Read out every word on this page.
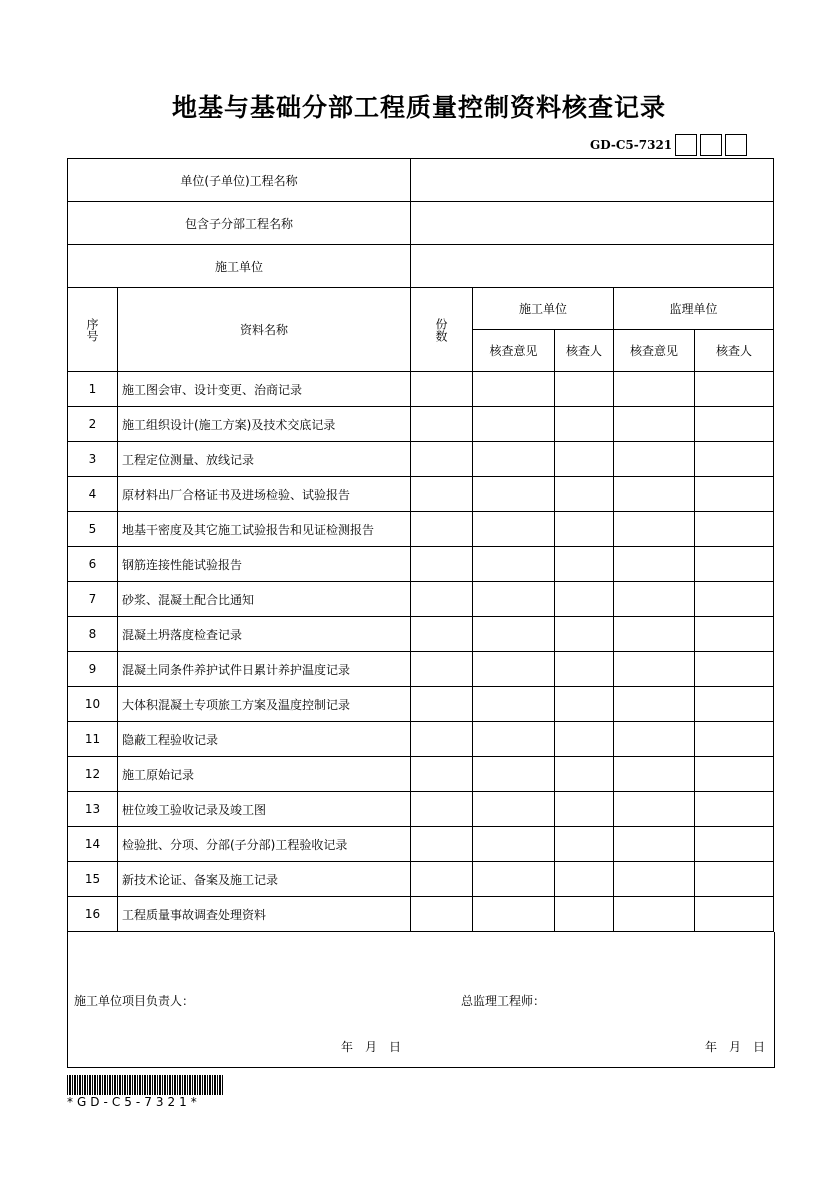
地基与基础分部工程质量控制资料核查记录
GD-C5-7321
单位(子单位)工程名称						
包含子分部工程名称						
施工单位						
序号	资料名称	份数	施工单位		监理单位	
			核查意见	核查人	核查意见	核查人
1	施工图会审、设计变更、治商记录					
2	施工组织设计(施工方案)及技术交底记录					
3	工程定位测量、放线记录					
4	原材料出厂合格证书及进场检验、试验报告					
5	地基干密度及其它施工试验报告和见证检测报告					
6	钢筋连接性能试验报告					
7	砂浆、混凝土配合比通知					
8	混凝土坍落度检查记录					
9	混凝土同条件养护试件日累计养护温度记录					
10	大体积混凝土专项旅工方案及温度控制记录					
11	隐蔽工程验收记录					
12	施工原始记录					
13	桩位竣工验收记录及竣工图					
14	检验批、分项、分部(子分部)工程验收记录					
15	新技术论证、备案及施工记录					
16	工程质量事故调查处理资料					
施工单位项目负责人：	总监理工程师：
年　月　日	年　月　日
*GD-C5-7321*
